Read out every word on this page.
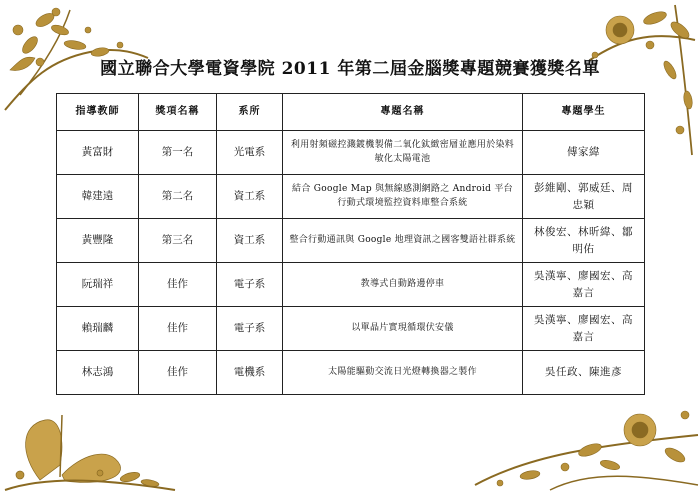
國立聯合大學電資學院 2011 年第二屆金腦獎專題競賽獲獎名單
指導教師	獎項名稱	系所	專題名稱	專題學生
黃富財	第一名	光電系	利用射頻磁控濺鍍機製備二氧化鈦緻密層並應用於染料敏化太陽電池	傅家緯
韓建遠	第二名	資工系	結合 Google Map 與無線感測網路之 Android 平台行動式環境監控資料庫整合系統	彭維剛、郭威廷、周忠穎
黃豐隆	第三名	資工系	整合行動通訊與 Google 地理資訊之國客雙語社群系統	林俊宏、林昕緯、鄒明佑
阮瑞祥	佳作	電子系	教導式自動路邊停車	吳漢寧、廖國宏、高嘉言
賴瑞麟	佳作	電子系	以單晶片實現循環伏安儀	吳漢寧、廖國宏、高嘉言
林志鴻	佳作	電機系	太陽能驅動交流日光燈轉換器之製作	吳任政、陳進彥
